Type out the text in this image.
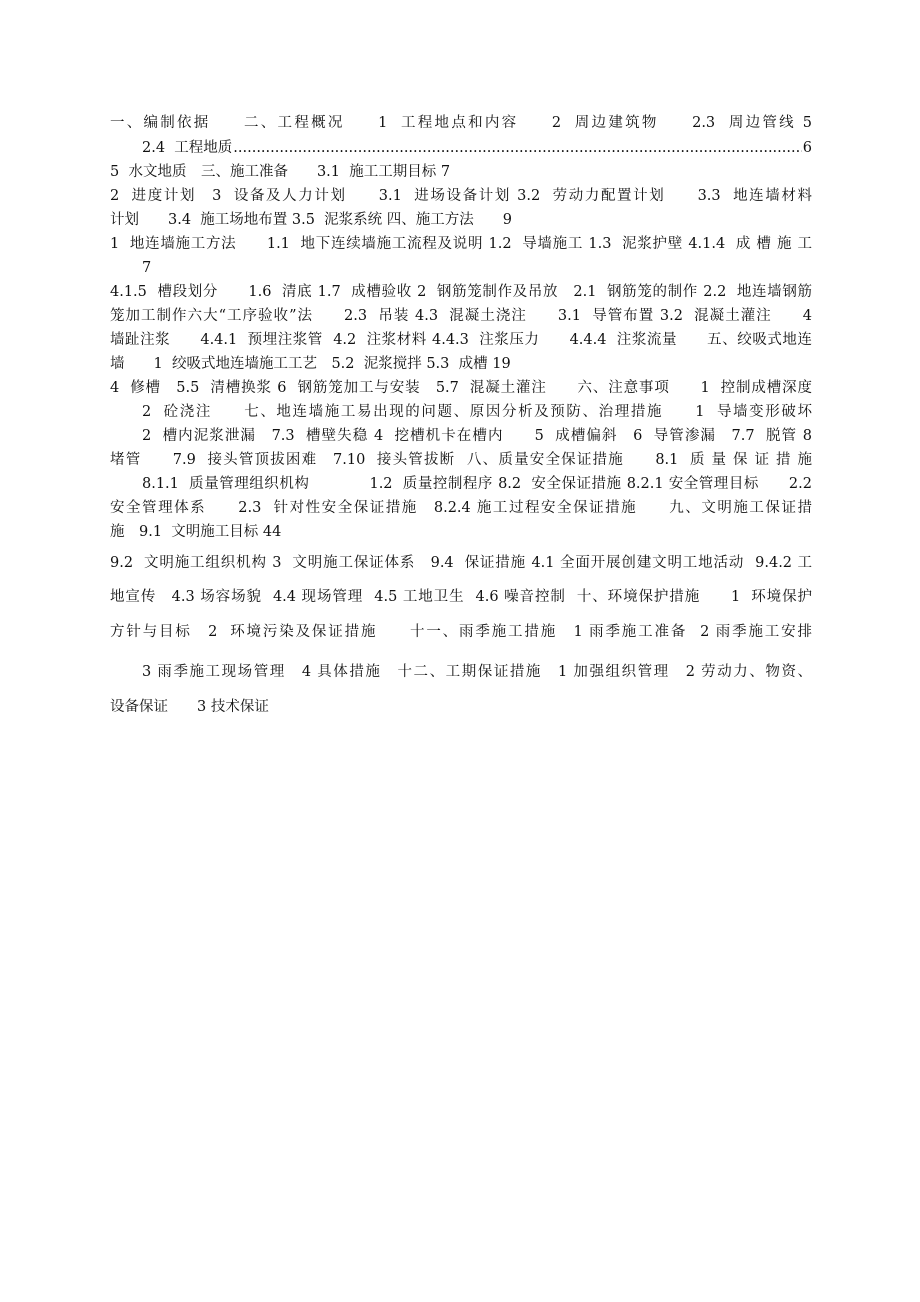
一、编制依据　　二、工程概况　　1  工程地点和内容　　2  周边建筑物　　2.3  周边管线 5
2.4  工程地质
.....	6
5  水文地质　三、施工准备　　3.1  施工工期目标 7
2  进度计划　3  设备及人力计划　　3.1  进场设备计划 3.2  劳动力配置计划　　3.3  地连墙材料
计划　　3.4  施工场地布置 3.5  泥浆系统 四、施工方法　　9
1  地连墙施工方法　　1.1  地下连续墙施工流程及说明 1.2  导墙施工 1.3  泥浆护壁 4.1.4  成 槽 施 工
7
4.1.5  槽段划分　　1.6  清底 1.7  成槽验收 2  钢筋笼制作及吊放　2.1  钢筋笼的制作 2.2  地连墙钢筋
笼加工制作六大“工序验收”法　　2.3  吊装 4.3  混凝土浇注　　3.1  导管布置 3.2  混凝土灌注　　4
墙趾注浆　　4.4.1  预埋注浆管  4.2  注浆材料 4.4.3  注浆压力　　4.4.4  注浆流量　　五、绞吸式地连
墙　　1  绞吸式地连墙施工工艺　5.2  泥浆搅拌 5.3  成槽 19
4  修槽　5.5  清槽换浆 6  钢筋笼加工与安装　5.7  混凝土灌注　　六、注意事项　　1  控制成槽深度
2  砼浇注　　七、地连墙施工易出现的问题、原因分析及预防、治理措施　　1  导墙变形破坏
2  槽内泥浆泄漏　7.3  槽壁失稳 4  挖槽机卡在槽内　　5  成槽偏斜　6  导管渗漏　7.7  脱管 8
堵管　　7.9  接头管顶拔困难　7.10  接头管拔断  八、质量安全保证措施　　8.1  质 量 保 证 措 施
8.1.1  质量管理组织机构　　　　1.2  质量控制程序 8.2  安全保证措施 8.2.1 安全管理目标　　2.2
安全管理体系　　2.3  针对性安全保证措施　8.2.4 施工过程安全保证措施　　九、文明施工保证措
施　9.1  文明施工目标 44
9.2  文明施工组织机构 3  文明施工保证体系　9.4  保证措施 4.1 全面开展创建文明工地活动  9.4.2 工
地宣传　4.3 场容场貌  4.4 现场管理  4.5 工地卫生  4.6 噪音控制  十、环境保护措施　　1  环境保护
方针与目标　2  环境污染及保证措施　　十一、雨季施工措施　1 雨季施工准备  2 雨季施工安排
3 雨季施工现场管理　4 具体措施　十二、工期保证措施　1 加强组织管理　2 劳动力、物资、
设备保证　　3 技术保证
